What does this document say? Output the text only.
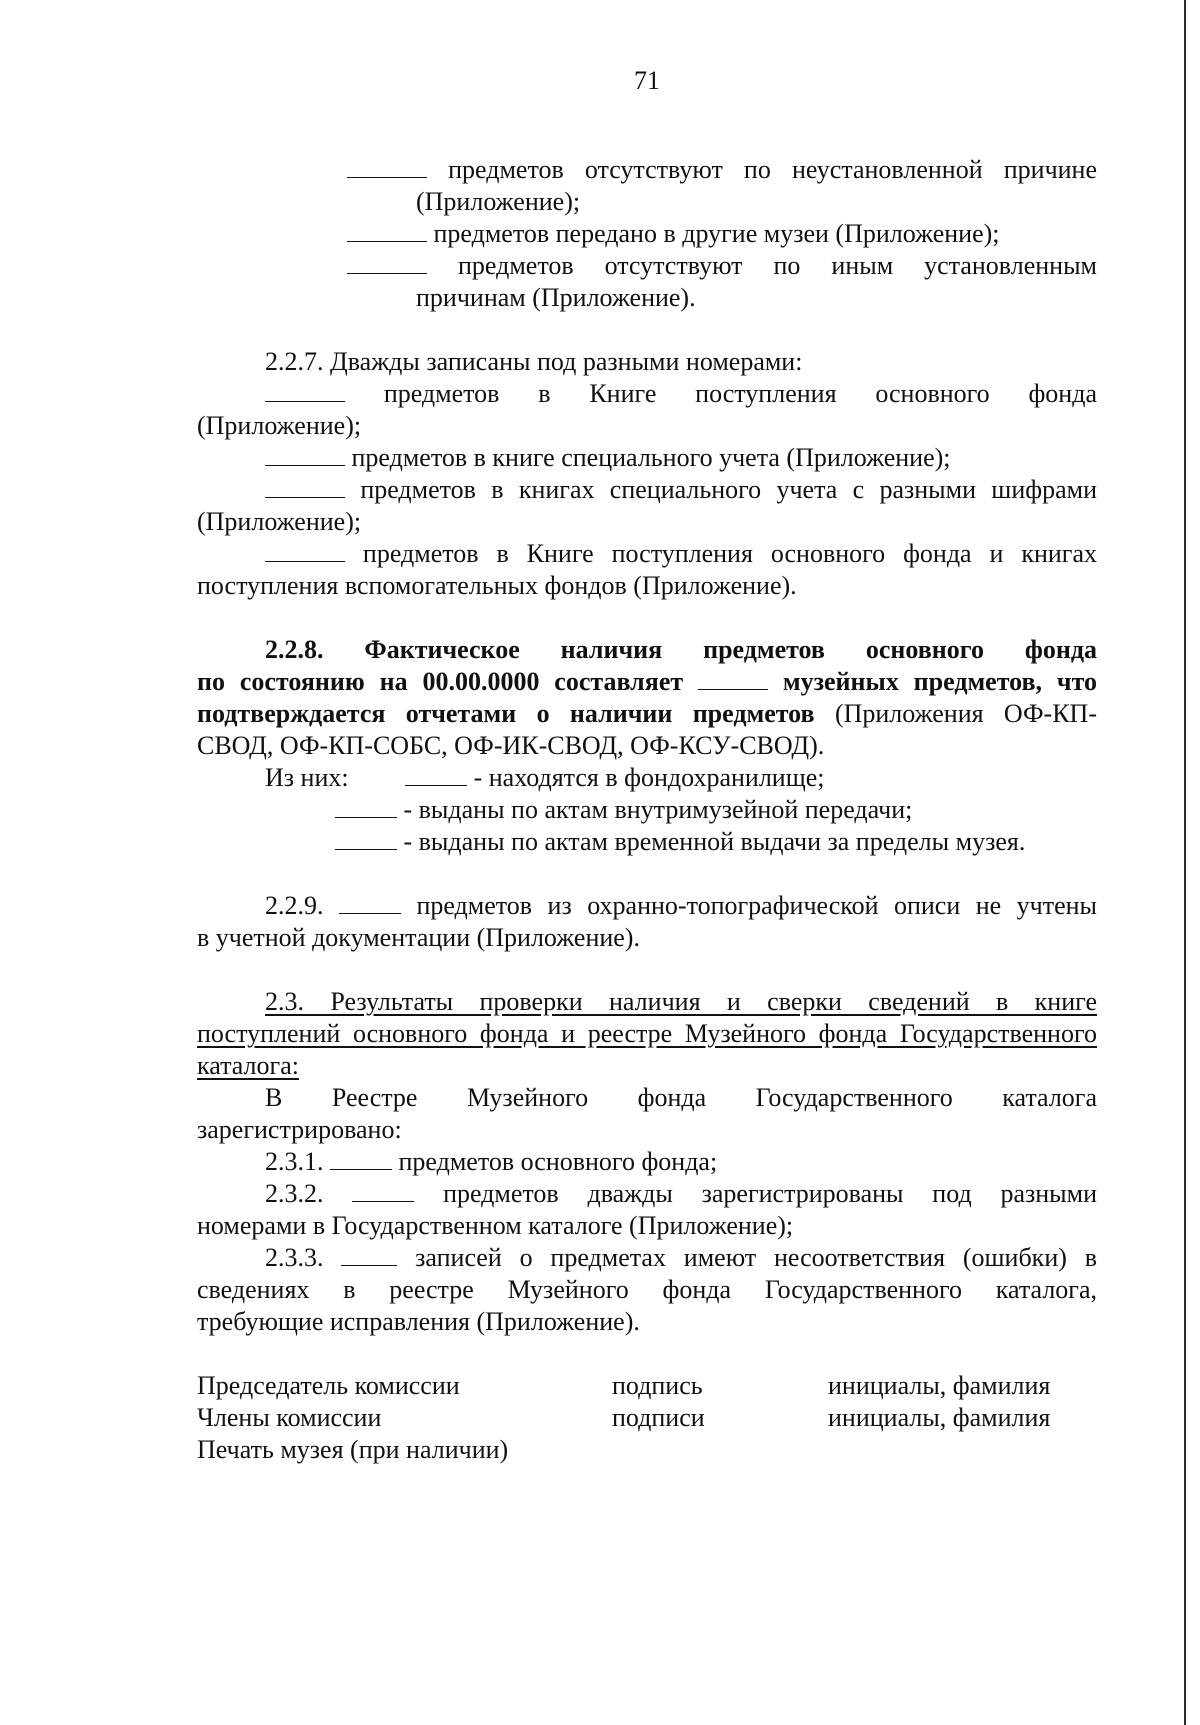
71
предметов отсутствуют по неустановленной причине
(Приложение);
предметов передано в другие музеи (Приложение);
предметов отсутствуют по иным установленным
причинам (Приложение).
2.2.7. Дважды записаны под разными номерами:
предметов в Книге поступления основного фонда
(Приложение);
предметов в книге специального учета (Приложение);
предметов в книгах специального учета с разными шифрами
(Приложение);
предметов в Книге поступления основного фонда и книгах
поступления вспомогательных фондов (Приложение).
2.2.8. Фактическое наличия предметов основного фонда
по состоянию на 00.00.0000 составляет	музейных предметов, что
подтверждается отчетами о наличии предметов (Приложения ОФ-КП-
СВОД, ОФ-КП-СОБС, ОФ-ИК-СВОД, ОФ-КСУ-СВОД).
Из них:	- находятся в фондохранилище;
- выданы по актам внутримузейной передачи;
- выданы по актам временной выдачи за пределы музея.
2.2.9.	предметов из охранно-топографической описи не учтены
в учетной документации (Приложение).
2.3. Результаты проверки наличия и сверки сведений в книге
поступлений основного фонда и реестре Музейного фонда Государственного
каталога:
В Реестре Музейного фонда Государственного каталога
зарегистрировано:
2.3.1.	предметов основного фонда;
2.3.2.	предметов дважды зарегистрированы под разными
номерами в Государственном каталоге (Приложение);
2.3.3.	записей о предметах имеют несоответствия (ошибки) в
сведениях в реестре Музейного фонда Государственного каталога,
требующие исправления (Приложение).
Председатель комиссии	подпись	инициалы, фамилия
Члены комиссии	подписи	инициалы, фамилия
Печать музея (при наличии)
